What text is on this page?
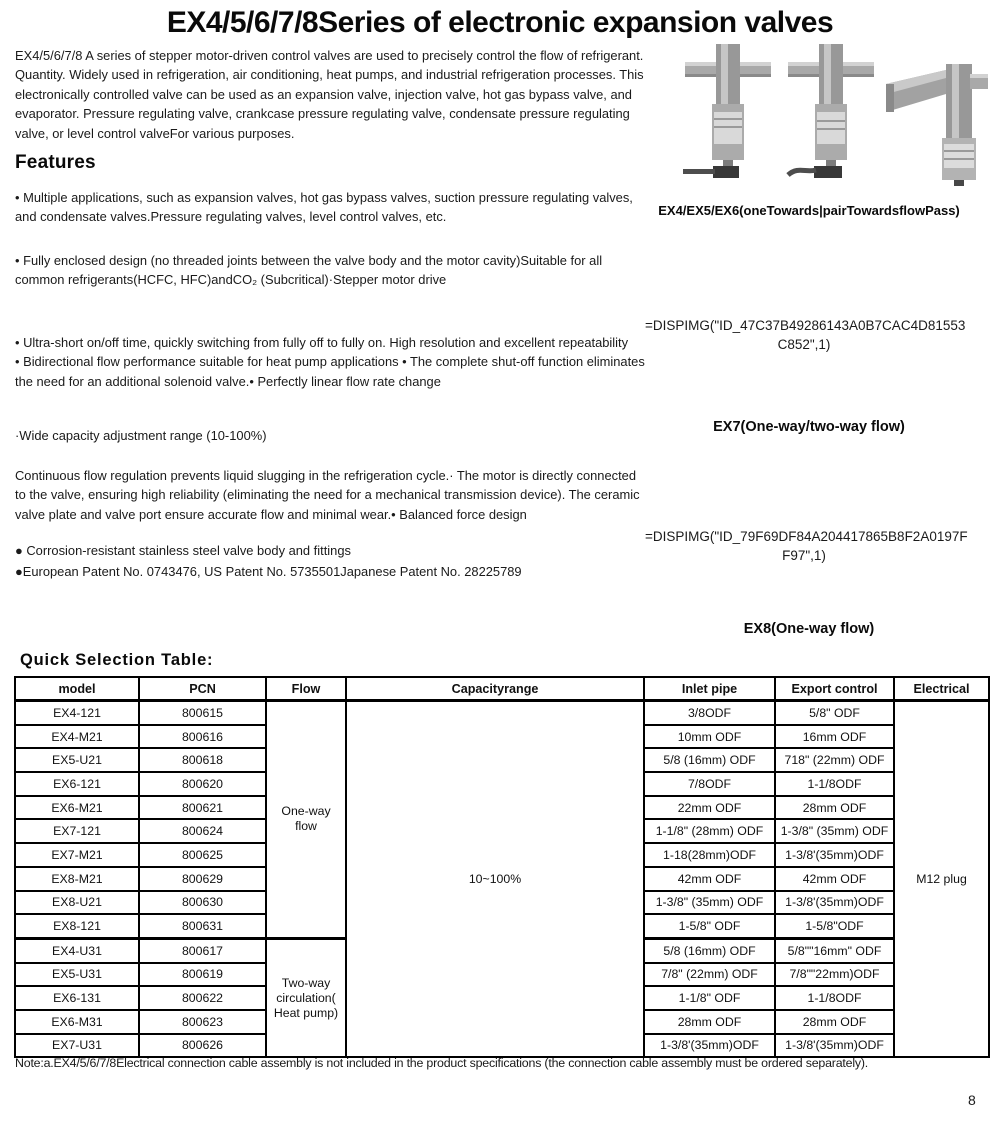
EX4/5/6/7/8Series of electronic expansion valves
EX4/5/6/7/8 A series of stepper motor-driven control valves are used to precisely control the flow of refrigerant. Quantity. Widely used in refrigeration, air conditioning, heat pumps, and industrial refrigeration processes. This electronically controlled valve can be used as an expansion valve, injection valve, hot gas bypass valve, and evaporator. Pressure regulating valve, crankcase pressure regulating valve, condensate pressure regulating valve, or level control valveFor various purposes.
Features
• Multiple applications, such as expansion valves, hot gas bypass valves, suction pressure regulating valves, and condensate valves.Pressure regulating valves, level control valves, etc.
• Fully enclosed design (no threaded joints between the valve body and the motor cavity)Suitable for all common refrigerants(HCFC, HFC)andCO₂ (Subcritical)·Stepper motor drive
• Ultra-short on/off time, quickly switching from fully off to fully on. High resolution and excellent repeatability
• Bidirectional flow performance suitable for heat pump applications • The complete shut-off function eliminates the need for an additional solenoid valve.• Perfectly linear flow rate change
·Wide capacity adjustment range (10-100%)
Continuous flow regulation prevents liquid slugging in the refrigeration cycle.· The motor is directly connected to the valve, ensuring high reliability (eliminating the need for a mechanical transmission device). The ceramic valve plate and valve port ensure accurate flow and minimal wear.• Balanced force design
● Corrosion-resistant stainless steel valve body and fittings
●European Patent No. 0743476, US Patent No. 5735501Japanese Patent No. 28225789
EX4/EX5/EX6(oneTowards|pairTowardsflowPass)
=DISPIMG("ID_47C37B49286143A0B7CAC4D81553
C852",1)
EX7(One-way/two-way flow)
=DISPIMG("ID_79F69DF84A204417865B8F2A0197F
F97",1)
EX8(One-way flow)
Quick Selection Table:
model	PCN	Flow	Capacityrange	Inlet pipe	Export control	Electrical
EX4-121	800615	One-way flow	10~100%	3/8ODF	5/8" ODF	M12 plug
EX4-M21	800616			10mm ODF	16mm ODF	
EX5-U21	800618			5/8 (16mm) ODF	718" (22mm) ODF	
EX6-121	800620			7/8ODF	1-1/8ODF	
EX6-M21	800621			22mm ODF	28mm ODF	
EX7-121	800624			1-1/8" (28mm) ODF	1-3/8" (35mm) ODF	
EX7-M21	800625			1-18(28mm)ODF	1-3/8'(35mm)ODF	
EX8-M21	800629			42mm ODF	42mm ODF	
EX8-U21	800630			1-3/8" (35mm) ODF	1-3/8'(35mm)ODF	
EX8-121	800631			1-5/8" ODF	1-5/8"ODF	
EX4-U31	800617	Two-way circulation( Heat pump)		5/8 (16mm) ODF	5/8""16mm" ODF	
EX5-U31	800619			7/8" (22mm) ODF	7/8""22mm)ODF	
EX6-131	800622			1-1/8" ODF	1-1/8ODF	
EX6-M31	800623			28mm ODF	28mm ODF	
EX7-U31	800626			1-3/8'(35mm)ODF	1-3/8'(35mm)ODF	
Note:a.EX4/5/6/7/8Electrical connection cable assembly is not included in the product specifications (the connection cable assembly must be ordered separately).
8
